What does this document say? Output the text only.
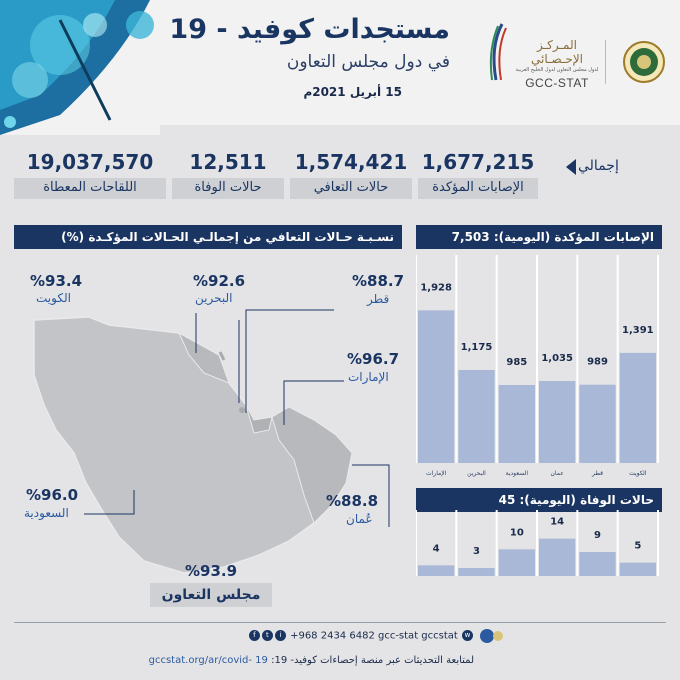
مستجدات كوفيد - 19
في دول مجلس التعاون
15 أبريل 2021م
المـركـز الإحـصـائي
لدول مجلس التعاون لدول الخليج العربية
GCC-STAT
إجمالي
1,677,215
الإصابات المؤكدة
1,574,421
حالات التعافي
12,511
حالات الوفاة
19,037,570
اللقاحات المعطاة
نسـبـة حـالات التعافي من إجمالـي الحـالات المؤكـدة (%)
%93.4
الكويت
%92.6
البحرين
%88.7
قطر
%96.7
الإمارات
%96.0
السعودية
%88.8
عُمان
%93.9
مجلس التعاون
الإصابات المؤكدة (اليومية): 7,503
1,391
الكويت
989
قطر
1,035
عمان
985
السعودية
1,175
البحرين
1,928
الإمارات
حالات الوفاة (اليومية): 45
5
9
14
10
3
4
f t i +968 2434 6482 gcc-stat gccstat w
لمتابعة التحديثات عبر منصة إحصاءات كوفيد- 19: gccstat.org/ar/covid- 19
